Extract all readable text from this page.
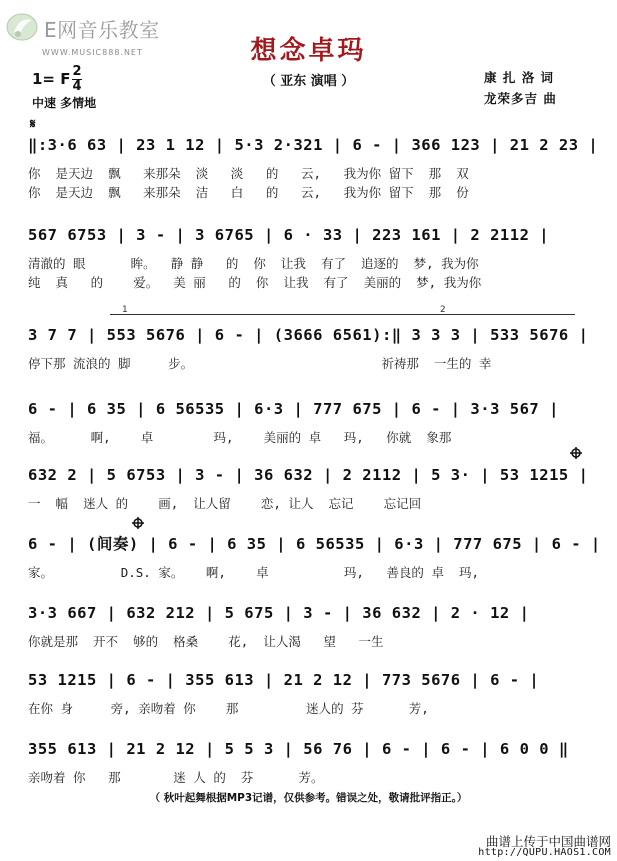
E网音乐教室
WWW.MUSIC888.NET	想念卓玛
（ 亚东 演唱 ）
1= F 2
4
中速 多情地
康 扎 洛 词
龙荣多吉 曲
𝄋
‖:3·6 63 | 23 1 12 | 5·3 2·321 | 6 - | 366 123 | 21 2 23 |
你  是天边  飘   来那朵  淡   淡   的   云,   我为你 留下  那  双
你  是天边  飘   来那朵  洁   白   的   云,   我为你 留下  那  份
567 6753 | 3 - | 3 6765 | 6 · 33 | 223 161 | 2 2112 |
清澈的 眼      眸。  静 静   的  你  让我  有了  追逐的  梦, 我为你
纯  真   的    爱。  美 丽   的  你  让我  有了  美丽的  梦, 我为你
1	2
3 7 7 | 553 5676 | 6 - | (3666 6561):‖ 3 3 3 | 533 5676 |
停下那 流浪的 脚     步。                         祈祷那  一生的 幸
6 - | 6 35 | 6 56535 | 6·3 | 777 675 | 6 - | 3·3 567 |
福。     啊,    卓        玛,    美丽的 卓   玛,   你就  象那
632 2 | 5 6753 | 3 - | 36 632 | 2 2112 | 5 3· | 53 1215 |
一  幅  迷人 的    画,  让人留    恋, 让人  忘记    忘记回
6 - | (间奏) | 6 - | 6 35 | 6 56535 | 6·3 | 777 675 | 6 - |
家。         D.S. 家。   啊,    卓          玛,   善良的 卓  玛,
3·3 667 | 632 212 | 5 675 | 3 - | 36 632 | 2 · 12 |
你就是那  开不  够的  格桑    花,  让人渴   望   一生
53 1215 | 6 - | 355 613 | 21 2 12 | 773 5676 | 6 - |
在你 身     旁, 亲吻着 你    那         迷人的 芬      芳,
355 613 | 21 2 12 | 5 5 3 | 56 76 | 6 - | 6 - | 6 0 0 ‖
亲吻着 你   那       迷 人 的  芬      芳。
（ 秋叶起舞根据MP3记谱，仅供参考。错误之处，敬请批评指正。）
曲谱上传于中国曲谱网
http://QUPU.HAOS1.COM
